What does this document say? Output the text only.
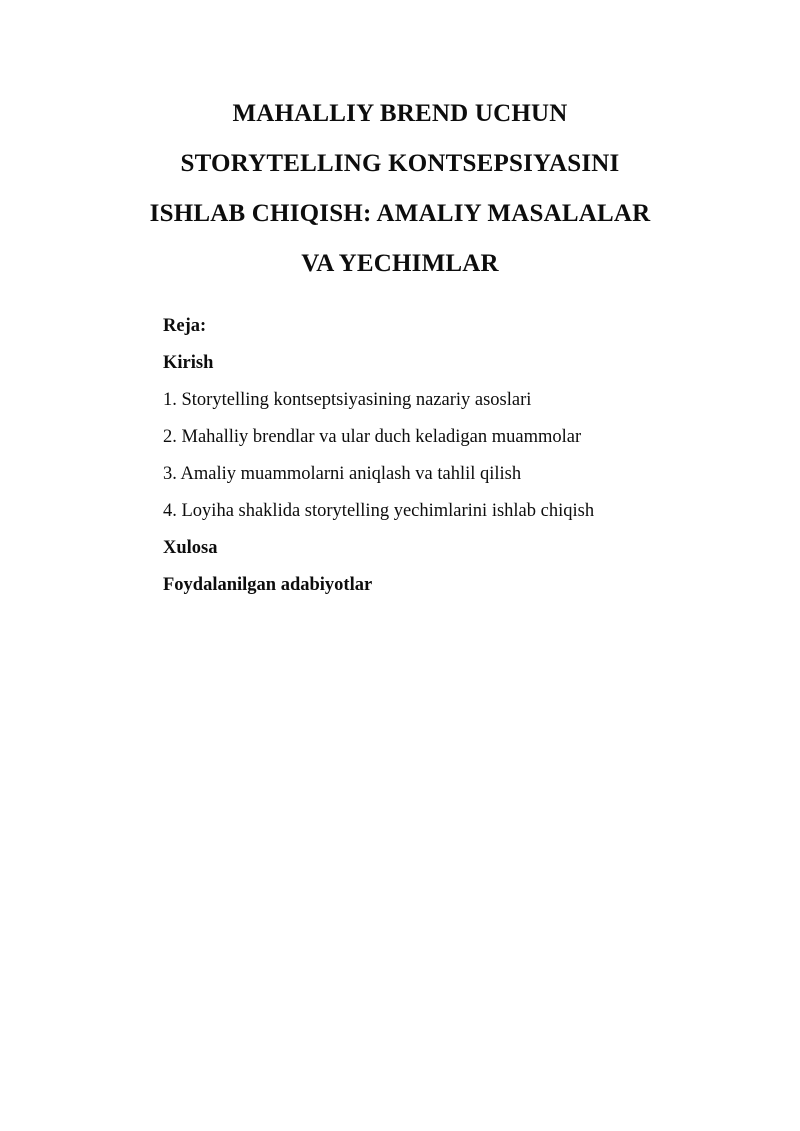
MAHALLIY BREND UCHUN
STORYTELLING KONTSEPSIYASINI
ISHLAB CHIQISH: AMALIY MASALALAR
VA YECHIMLAR
Reja:
Kirish
1. Storytelling kontseptsiyasining nazariy asoslari
2. Mahalliy brendlar va ular duch keladigan muammolar
3. Amaliy muammolarni aniqlash va tahlil qilish
4. Loyiha shaklida storytelling yechimlarini ishlab chiqish
Xulosa
Foydalanilgan adabiyotlar
